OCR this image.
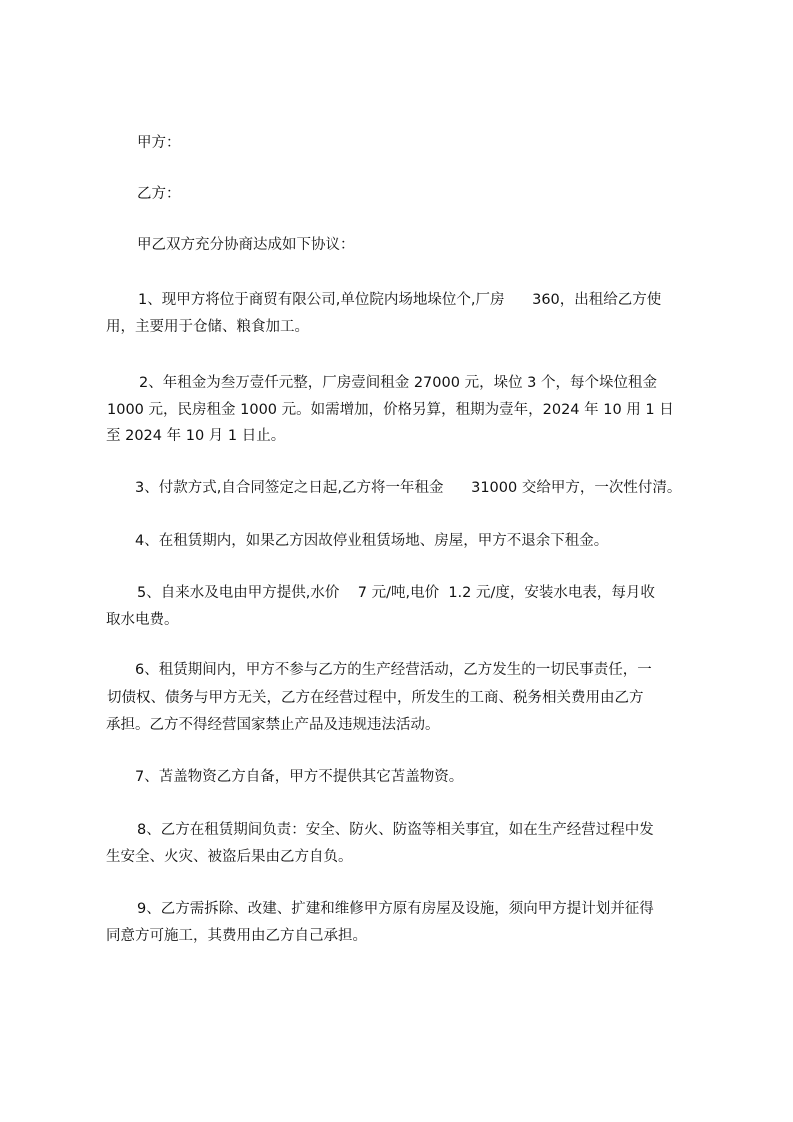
甲方：
乙方：
甲乙双方充分协商达成如下协议：
1、现甲方将位于商贸有限公司,单位院内场地垛位个,厂房      360，出租给乙方使
用，主要用于仓储、粮食加工。
2、年租金为叁万壹仟元整，厂房壹间租金 27000 元，垛位 3 个，每个垛位租金
1000 元，民房租金 1000 元。如需增加，价格另算，租期为壹年，2024 年 10 用 1 日
至 2024 年 10 月 1 日止。
3、付款方式,自合同签定之日起,乙方将一年租金      31000 交给甲方，一次性付清。
4、在租赁期内，如果乙方因故停业租赁场地、房屋，甲方不退余下租金。
5、自来水及电由甲方提供,水价    7 元/吨,电价  1.2 元/度，安装水电表，每月收
取水电费。
6、租赁期间内，甲方不参与乙方的生产经营活动，乙方发生的一切民事责任，一
切债权、债务与甲方无关，乙方在经营过程中，所发生的工商、税务相关费用由乙方
承担。乙方不得经营国家禁止产品及违规违法活动。
7、苫盖物资乙方自备，甲方不提供其它苫盖物资。
8、乙方在租赁期间负责：安全、防火、防盗等相关事宜，如在生产经营过程中发
生安全、火灾、被盗后果由乙方自负。
9、乙方需拆除、改建、扩建和维修甲方原有房屋及设施，须向甲方提计划并征得
同意方可施工，其费用由乙方自己承担。
